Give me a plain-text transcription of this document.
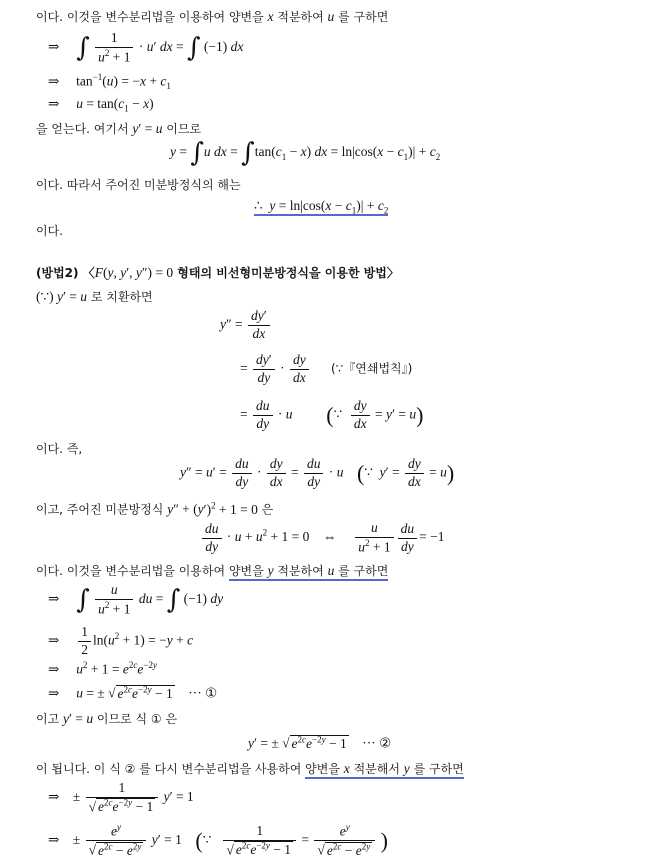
이다. 이것을 변수분리법을 이용하여 양변을 x 적분하여 u 를 구하면
⇒ ∫ $\frac{1}{u^2 + 1} \cdot u'$ dx = ∫ (−1) dx
⇒     $\tan^{-1}(u) = -x + c_1$
⇒     $u = \tan(c_1 - x)$
을 얻는다. 여기서 y′ = u 이므로
y = ∫u dx = $\int\tan(c_1 - x)$ dx = $\ln|\cos(x - c_1)| + c_2$
이다. 따라서 주어진 미분방정식의 해는
∴  $y = \ln|\cos(x - c_1)| + c_2$
이다.
(방법2) 〈F(y, y′, y″) = 0 형태의 비선형미분방정식을 이용한 방법〉
(∵) y′ = u 로 치환하면
$y'' = \frac{dy'}{dx}$
= $\frac{dy'}{dy} \cdot \frac{dy}{dx}$ (∵『연쇄법칙』)
= $\frac{du}{dy} \cdot u$ (∵ $\frac{dy}{dx} = y' = u$)
이다. 즉,
$y'' = u' = \frac{du}{dy} \cdot \frac{dy}{dx} = \frac{du}{dy} \cdot u$ (∵  $y' = \frac{dy}{dx} = u$)
이고, 주어진 미분방정식 $y'' + (y')^2 + 1 = 0$ 은
$\frac{du}{dy} \cdot u + u^2 + 1 = 0$    ⇔ $\frac{u}{u^2 + 1} \frac{du}{dy} = -1$
이다. 이것을 변수분리법을 이용하여 양변을 y 적분하여 u 를 구하면
⇒     ∫ $\frac{u}{u^2 + 1}$ du = ∫ (−1) dy
⇒ $\frac{1}{2} \ln(u^2 + 1) = -y + c$
⇒     $u^2 + 1 = e^{2c}e^{-2y}$
⇒     u = ± √ $e^{2c}e^{-2y} - 1$    ··· ①
이고 y′ = u 이므로 식 ① 은
y′ = ± √ $e^{2c}e^{-2y} - 1$    ··· ②
이 됩니다. 이 식 ② 를 다시 변수분리법을 사용하여 양변을 x 적분해서 y 를 구하면
⇒    ± $\frac{1}{√ e^{2c}e^{-2y} - 1} y' = 1$
⇒    ± $\frac{e^y}{√ e^{2c} - e^{2y}} y' = 1$    (∵ $\frac{1}{√ e^{2c}e^{-2y} - 1} = \frac{e^y}{√ e^{2c} - e^{2y}}$ )
